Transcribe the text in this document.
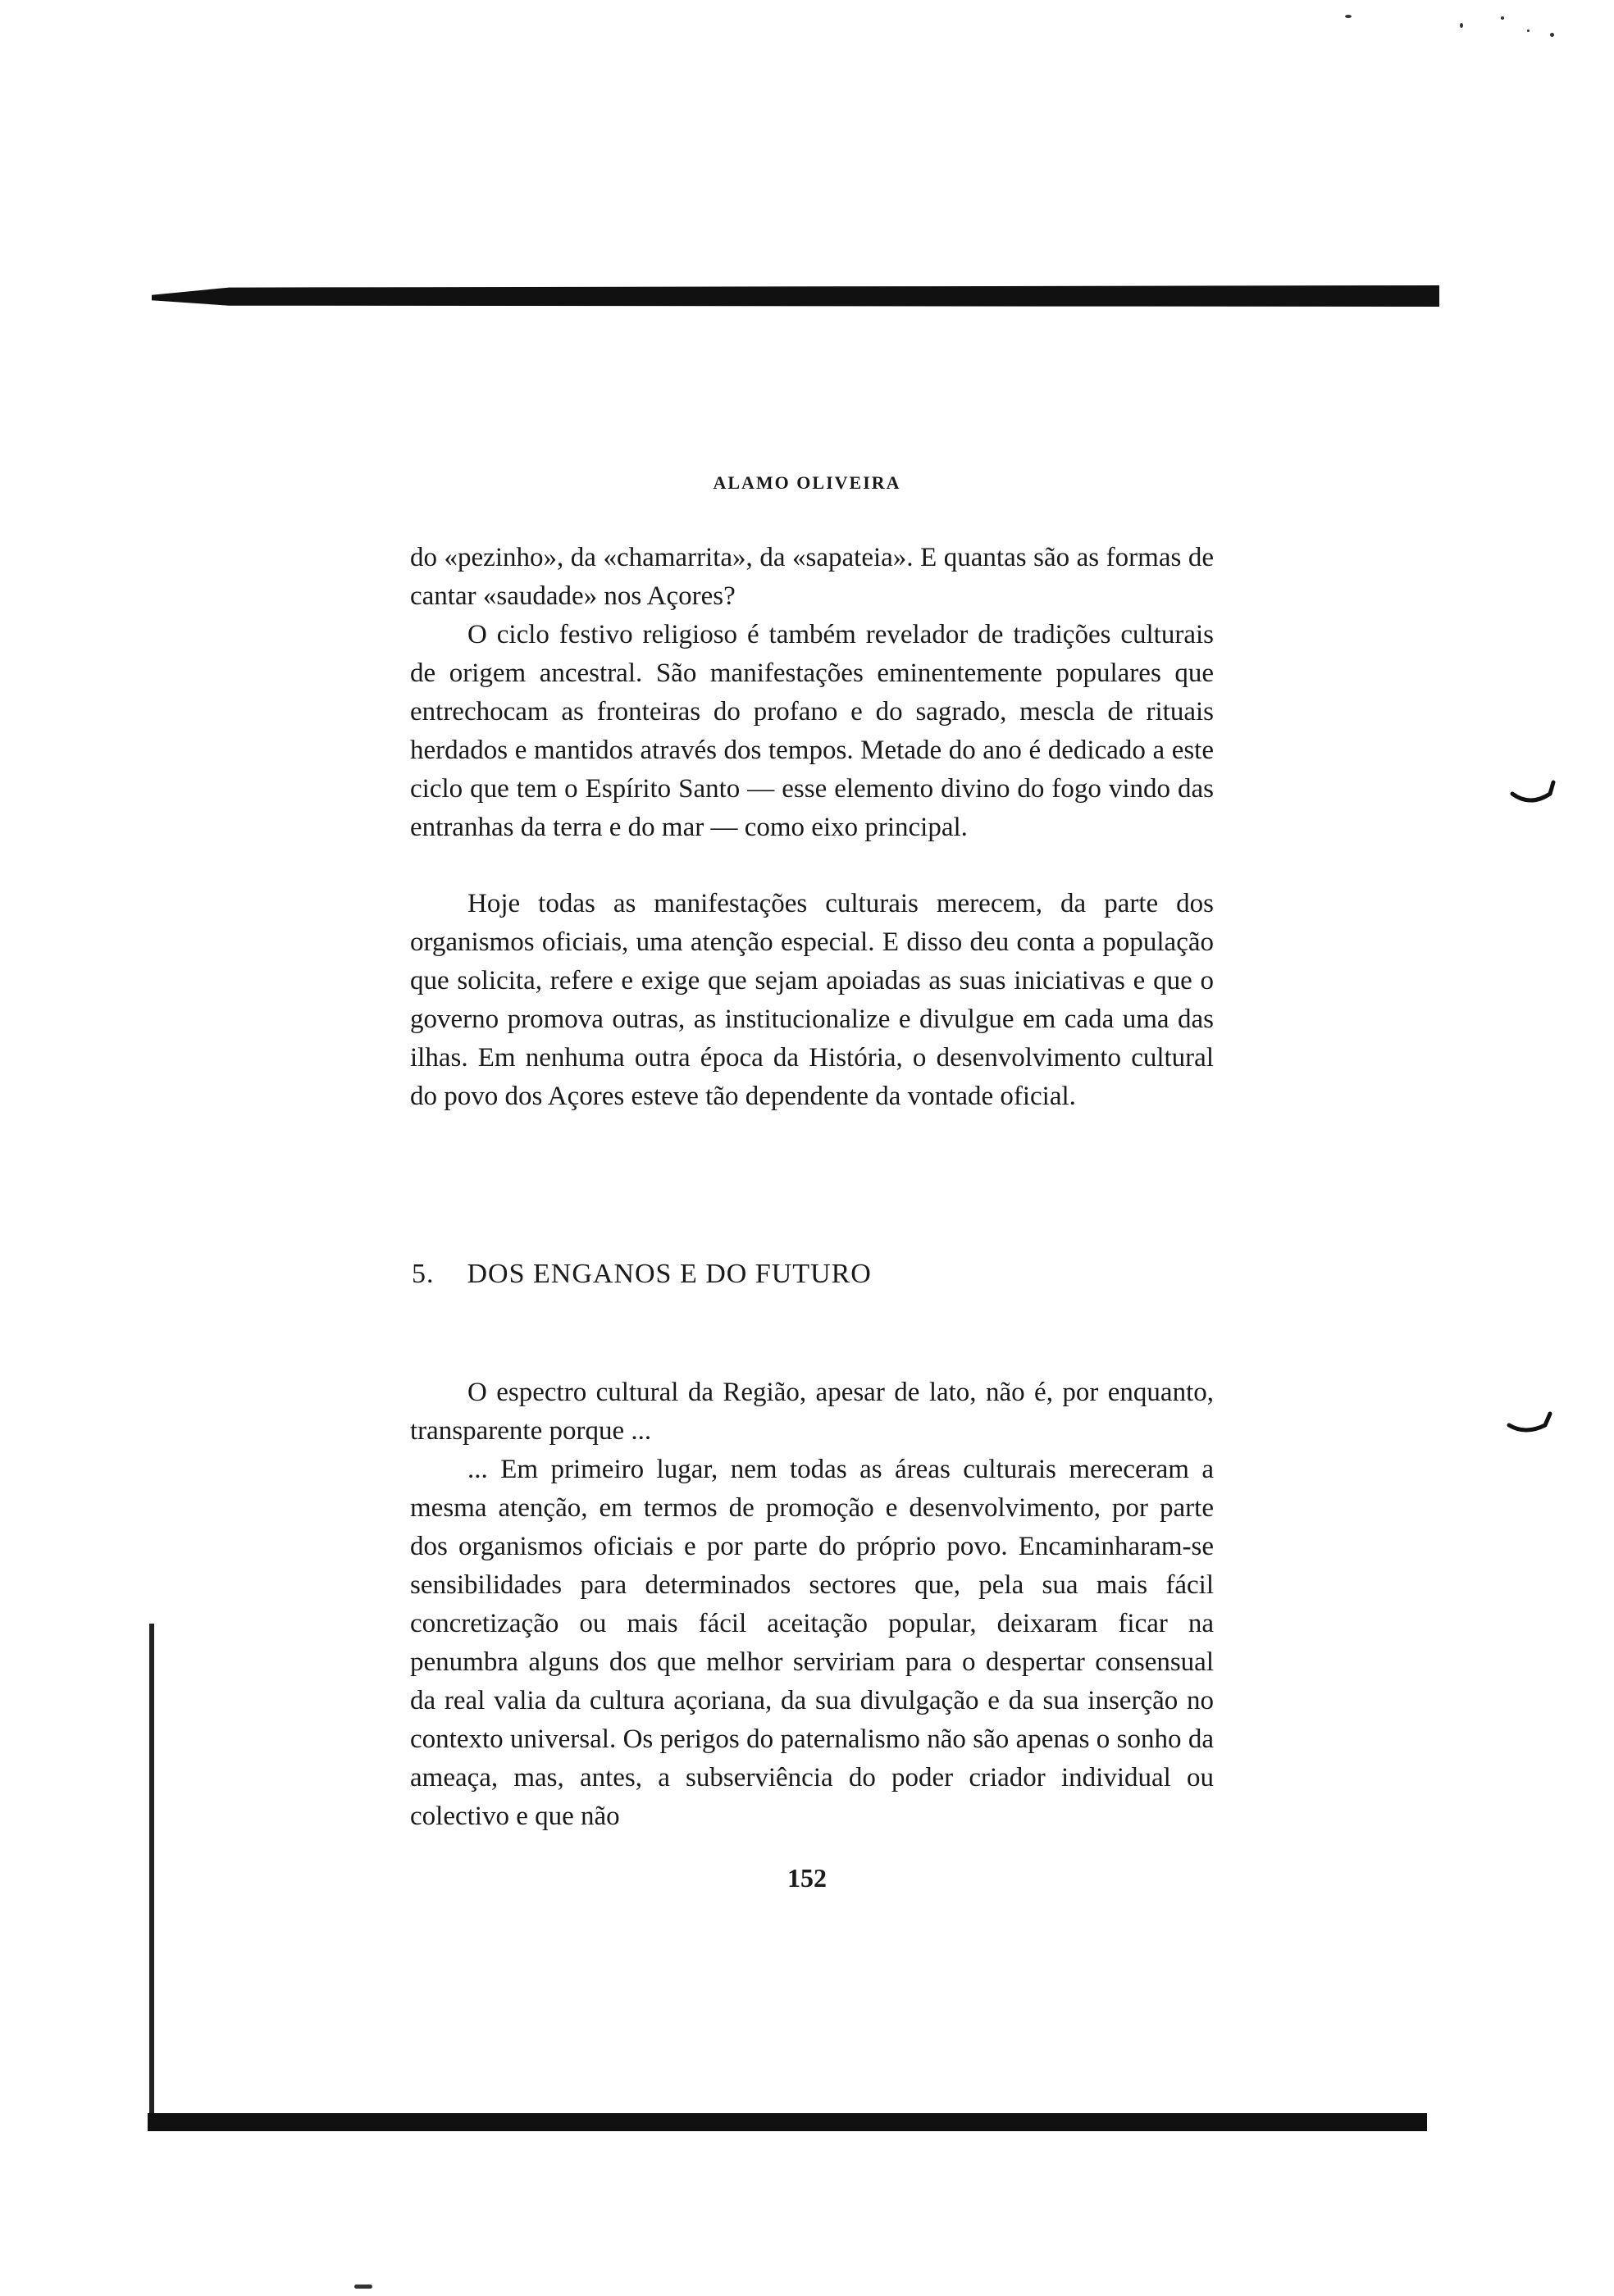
ALAMO OLIVEIRA

do «pezinho», da «chamarrita», da «sapateia». E quantas são as formas de cantar «saudade» nos Açores?

O ciclo festivo religioso é também revelador de tradições culturais de origem ancestral. São manifestações eminentemente populares que entrechocam as fronteiras do profano e do sagrado, mescla de rituais herdados e mantidos através dos tempos. Metade do ano é dedicado a este ciclo que tem o Espírito Santo — esse elemento divino do fogo vindo das entranhas da terra e do mar — como eixo principal.

Hoje todas as manifestações culturais merecem, da parte dos organismos oficiais, uma atenção especial. E disso deu conta a população que solicita, refere e exige que sejam apoiadas as suas iniciativas e que o governo promova outras, as institucionalize e divulgue em cada uma das ilhas. Em nenhuma outra época da História, o desenvolvimento cultural do povo dos Açores esteve tão dependente da vontade oficial.

5. DOS ENGANOS E DO FUTURO

O espectro cultural da Região, apesar de lato, não é, por enquanto, transparente porque ...

... Em primeiro lugar, nem todas as áreas culturais mereceram a mesma atenção, em termos de promoção e desenvolvimento, por parte dos organismos oficiais e por parte do próprio povo. Encaminharam-se sensibilidades para determinados sectores que, pela sua mais fácil concretização ou mais fácil aceitação popular, deixaram ficar na penumbra alguns dos que melhor serviriam para o despertar consensual da real valia da cultura açoriana, da sua divulgação e da sua inserção no contexto universal. Os perigos do paternalismo não são apenas o sonho da ameaça, mas, antes, a subserviência do poder criador individual ou colectivo e que não

152
